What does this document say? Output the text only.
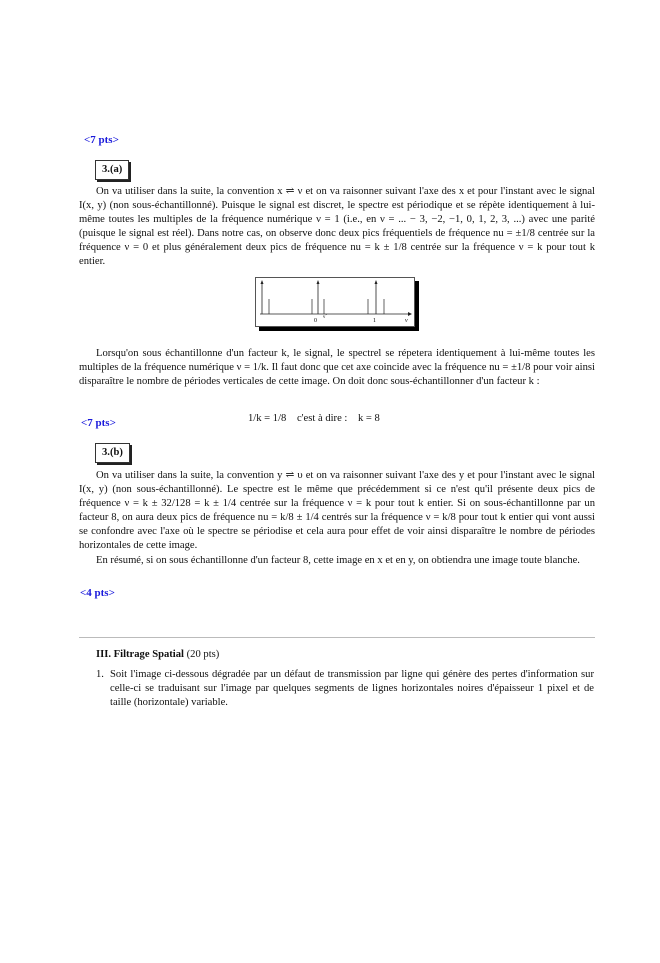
<7 pts>
3.(a)

On va utiliser dans la suite, la convention x ⇌ ν et on va raisonner suivant l'axe des x et pour l'instant avec le signal I(x, y) (non sous-échantillonné). Puisque le signal est discret, le spectre est périodique et se répète identiquement à lui-même toutes les multiples de la fréquence numérique ν = 1 (i.e., en ν = ... − 3, −2, −1, 0, 1, 2, 3, ...) avec une parité (puisque le signal est réel). Dans notre cas, on observe donc deux pics fréquentiels de fréquence nu = ±1/8 centrée sur la fréquence ν = 0 et plus généralement deux pics de fréquence nu = k ± 1/8 centrée sur la fréquence ν = k pour tout k entier.

0
ν̃
1	ν

Lorsqu'on sous échantillonne d'un facteur k, le signal, le spectrel se répetera identiquement à lui-même toutes les multiples de la fréquence numérique ν = 1/k. Il faut donc que cet axe coincide avec la fréquence nu = ±1/8 pour voir ainsi disparaître le nombre de périodes verticales de cette image. On doit donc sous-échantillonner d'un facteur k :

1/k = 1/8    c'est à dire :    k = 8
<7 pts>
3.(b)

On va utiliser dans la suite, la convention y ⇌ υ et on va raisonner suivant l'axe des y et pour l'instant avec le signal I(x, y) (non sous-échantillonné). Le spectre est le même que précédemment si ce n'est qu'il présente deux pics de fréquence ν = k ± 32/128 = k ± 1/4 centrée sur la fréquence ν = k pour tout k entier. Si on sous-échantillonne par un facteur 8, on aura deux pics de fréquence nu = k/8 ± 1/4 centrés sur la fréquence ν = k/8 pour tout k entier qui vont aussi se confondre avec l'axe où le spectre se périodise et cela aura pour effet de voir ainsi disparaître le nombre de périodes horizontales de cette image.

En résumé, si on sous échantillonne d'un facteur 8, cette image en x et en y, on obtiendra une image toute blanche.

<4 pts>
III. Filtrage Spatial (20 pts)
1. Soit l'image ci-dessous dégradée par un défaut de transmission par ligne qui génère des pertes d'information sur celle-ci se traduisant sur l'image par quelques segments de lignes horizontales noires d'épaisseur 1 pixel et de taille (horizontale) variable.
